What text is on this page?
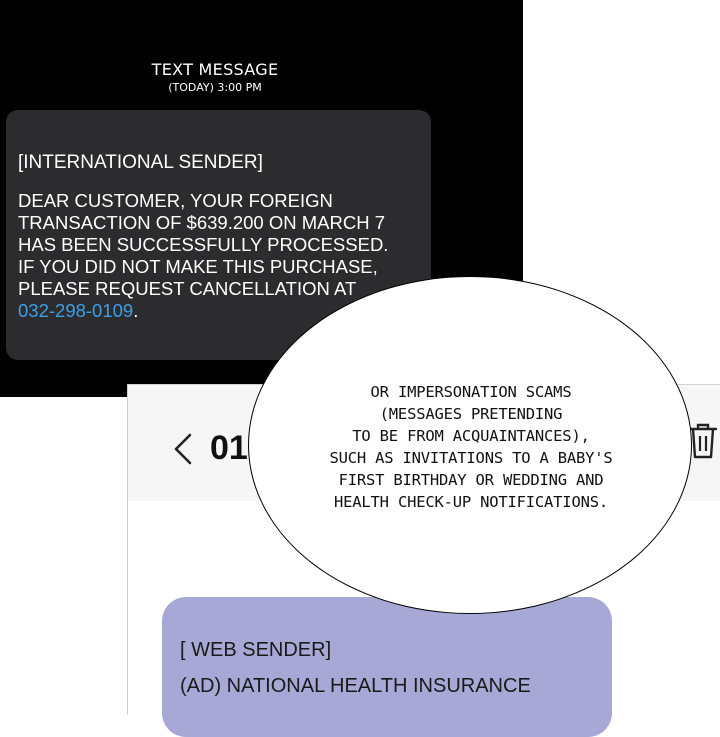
TEXT MESSAGE
(TODAY) 3:00 PM
[INTERNATIONAL SENDER]
DEAR CUSTOMER, YOUR FOREIGN
TRANSACTION OF $639.200 ON MARCH 7
HAS BEEN SUCCESSFULLY PROCESSED.
IF YOU DID NOT MAKE THIS PURCHASE,
PLEASE REQUEST CANCELLATION AT
032-298-0109.
01
[ WEB SENDER]
(AD) NATIONAL HEALTH INSURANCE
OR IMPERSONATION SCAMS
(MESSAGES PRETENDING
TO BE FROM ACQUAINTANCES),
SUCH AS INVITATIONS TO A BABY'S
FIRST BIRTHDAY OR WEDDING AND
HEALTH CHECK-UP NOTIFICATIONS.
